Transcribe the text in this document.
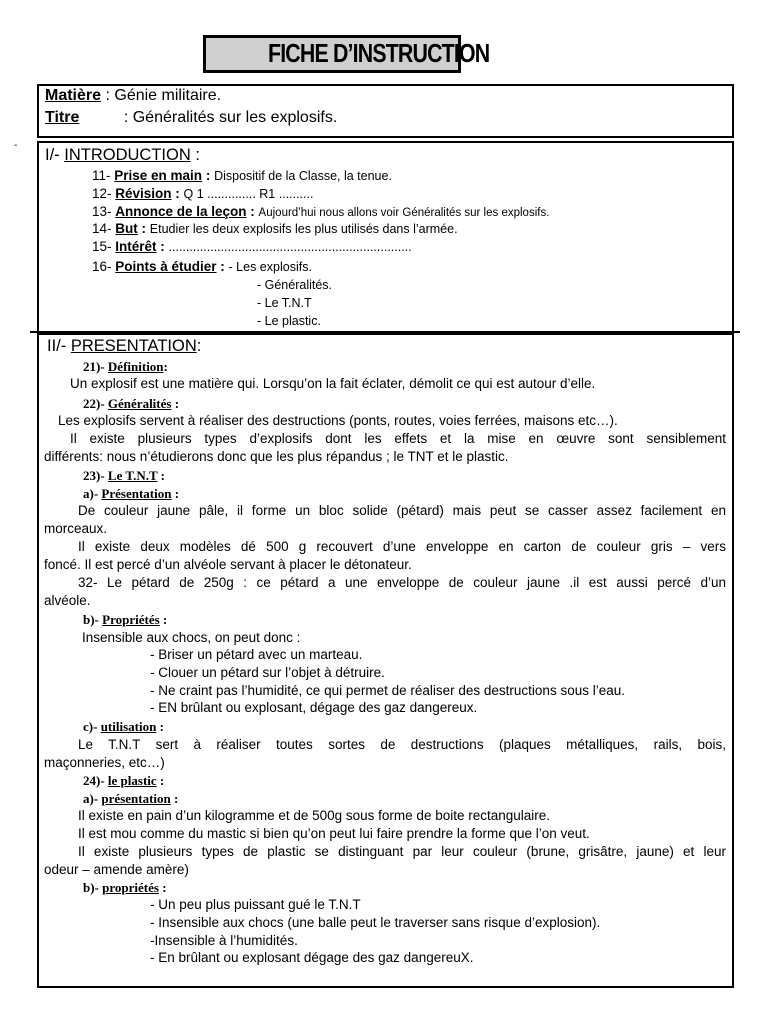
FICHE D’INSTRUCTION
-
Matière : Génie militaire.
Titre	: Généralités sur les explosifs.
I/- INTRODUCTION :
11- Prise en main : Dispositif de la Classe, la tenue.
12- Révision : Q 1 .............. R1 ..........
13- Annonce de la leçon : Aujourd’hui nous allons voir Généralités sur les explosifs.
14- But : Etudier les deux explosifs les plus utilisés dans l’armée.
15- Intérêt : ......................................................................
16- Points à étudier : - Les explosifs.
- Généralités.
- Le T.N.T
- Le plastic.
II/- PRESENTATION:
21)- Définition:
Un explosif est une matière qui. Lorsqu’on la fait éclater, démolit ce qui est autour d’elle.
22)- Généralités :
Les explosifs servent à réaliser des destructions (ponts, routes, voies ferrées, maisons etc…).
Il existe plusieurs types d’explosifs dont les effets et la mise en œuvre sont sensiblement
différents: nous n’étudierons donc que les plus répandus ; le TNT et le plastic.
23)- Le T.N.T :
a)- Présentation :
De couleur jaune pâle, il forme un bloc solide (pétard) mais peut se casser assez facilement en
morceaux.
Il existe deux modèles dé 500 g recouvert d’une enveloppe en carton de couleur gris – vers
foncé. Il est percé d’un alvéole servant à placer le détonateur.
32- Le pétard de 250g : ce pétard a une enveloppe de couleur jaune .il est aussi percé d’un
alvéole.
b)- Propriétés :
Insensible aux chocs, on peut donc :
- Briser un pétard avec un marteau.
- Clouer un pétard sur l’objet à détruire.
- Ne craint pas l’humidité, ce qui permet de réaliser des destructions sous l’eau.
- EN brûlant ou explosant, dégage des gaz dangereux.
c)- utilisation :
Le T.N.T sert à réaliser toutes sortes de destructions (plaques métalliques, rails, bois,
maçonneries, etc…)
24)- le plastic :
a)- présentation :
Il existe en pain d’un kilogramme et de 500g sous forme de boite rectangulaire.
Il est mou comme du mastic si bien qu’on peut lui faire prendre la forme que l’on veut.
Il existe plusieurs types de plastic se distinguant par leur couleur (brune, grisâtre, jaune) et leur
odeur – amende amère)
b)- propriétés :
- Un peu plus puissant gué le T.N.T
- Insensible aux chocs (une balle peut le traverser sans risque d’explosion).
-Insensible à l’humidités.
- En brûlant ou explosant dégage des gaz dangereuX.
